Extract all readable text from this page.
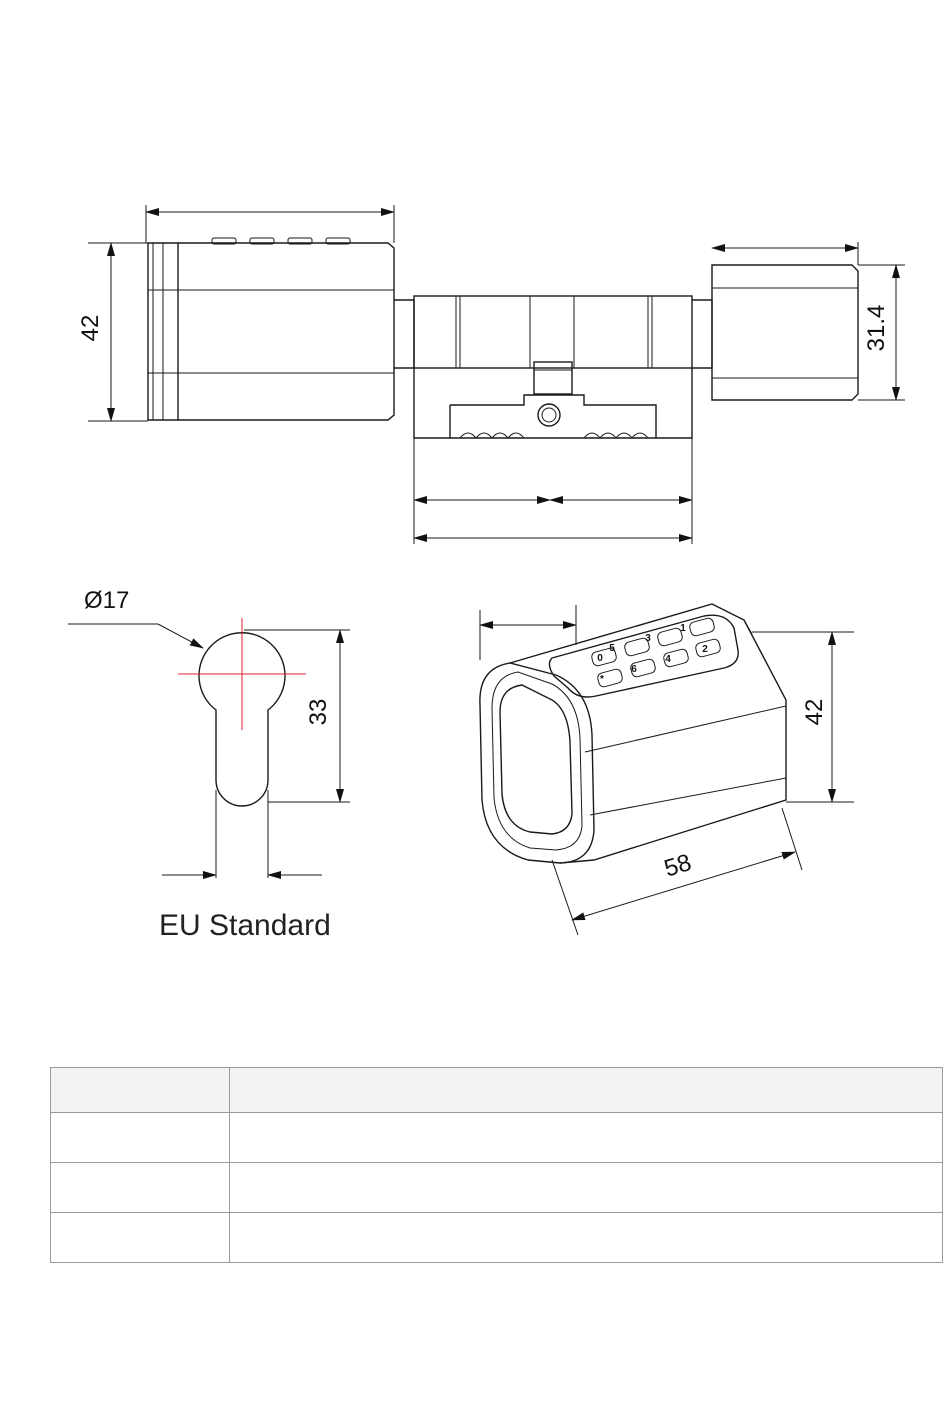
42	31.4
Ø17
33
EU Standard
0
5
3
1
*
6
4
2
42
58
